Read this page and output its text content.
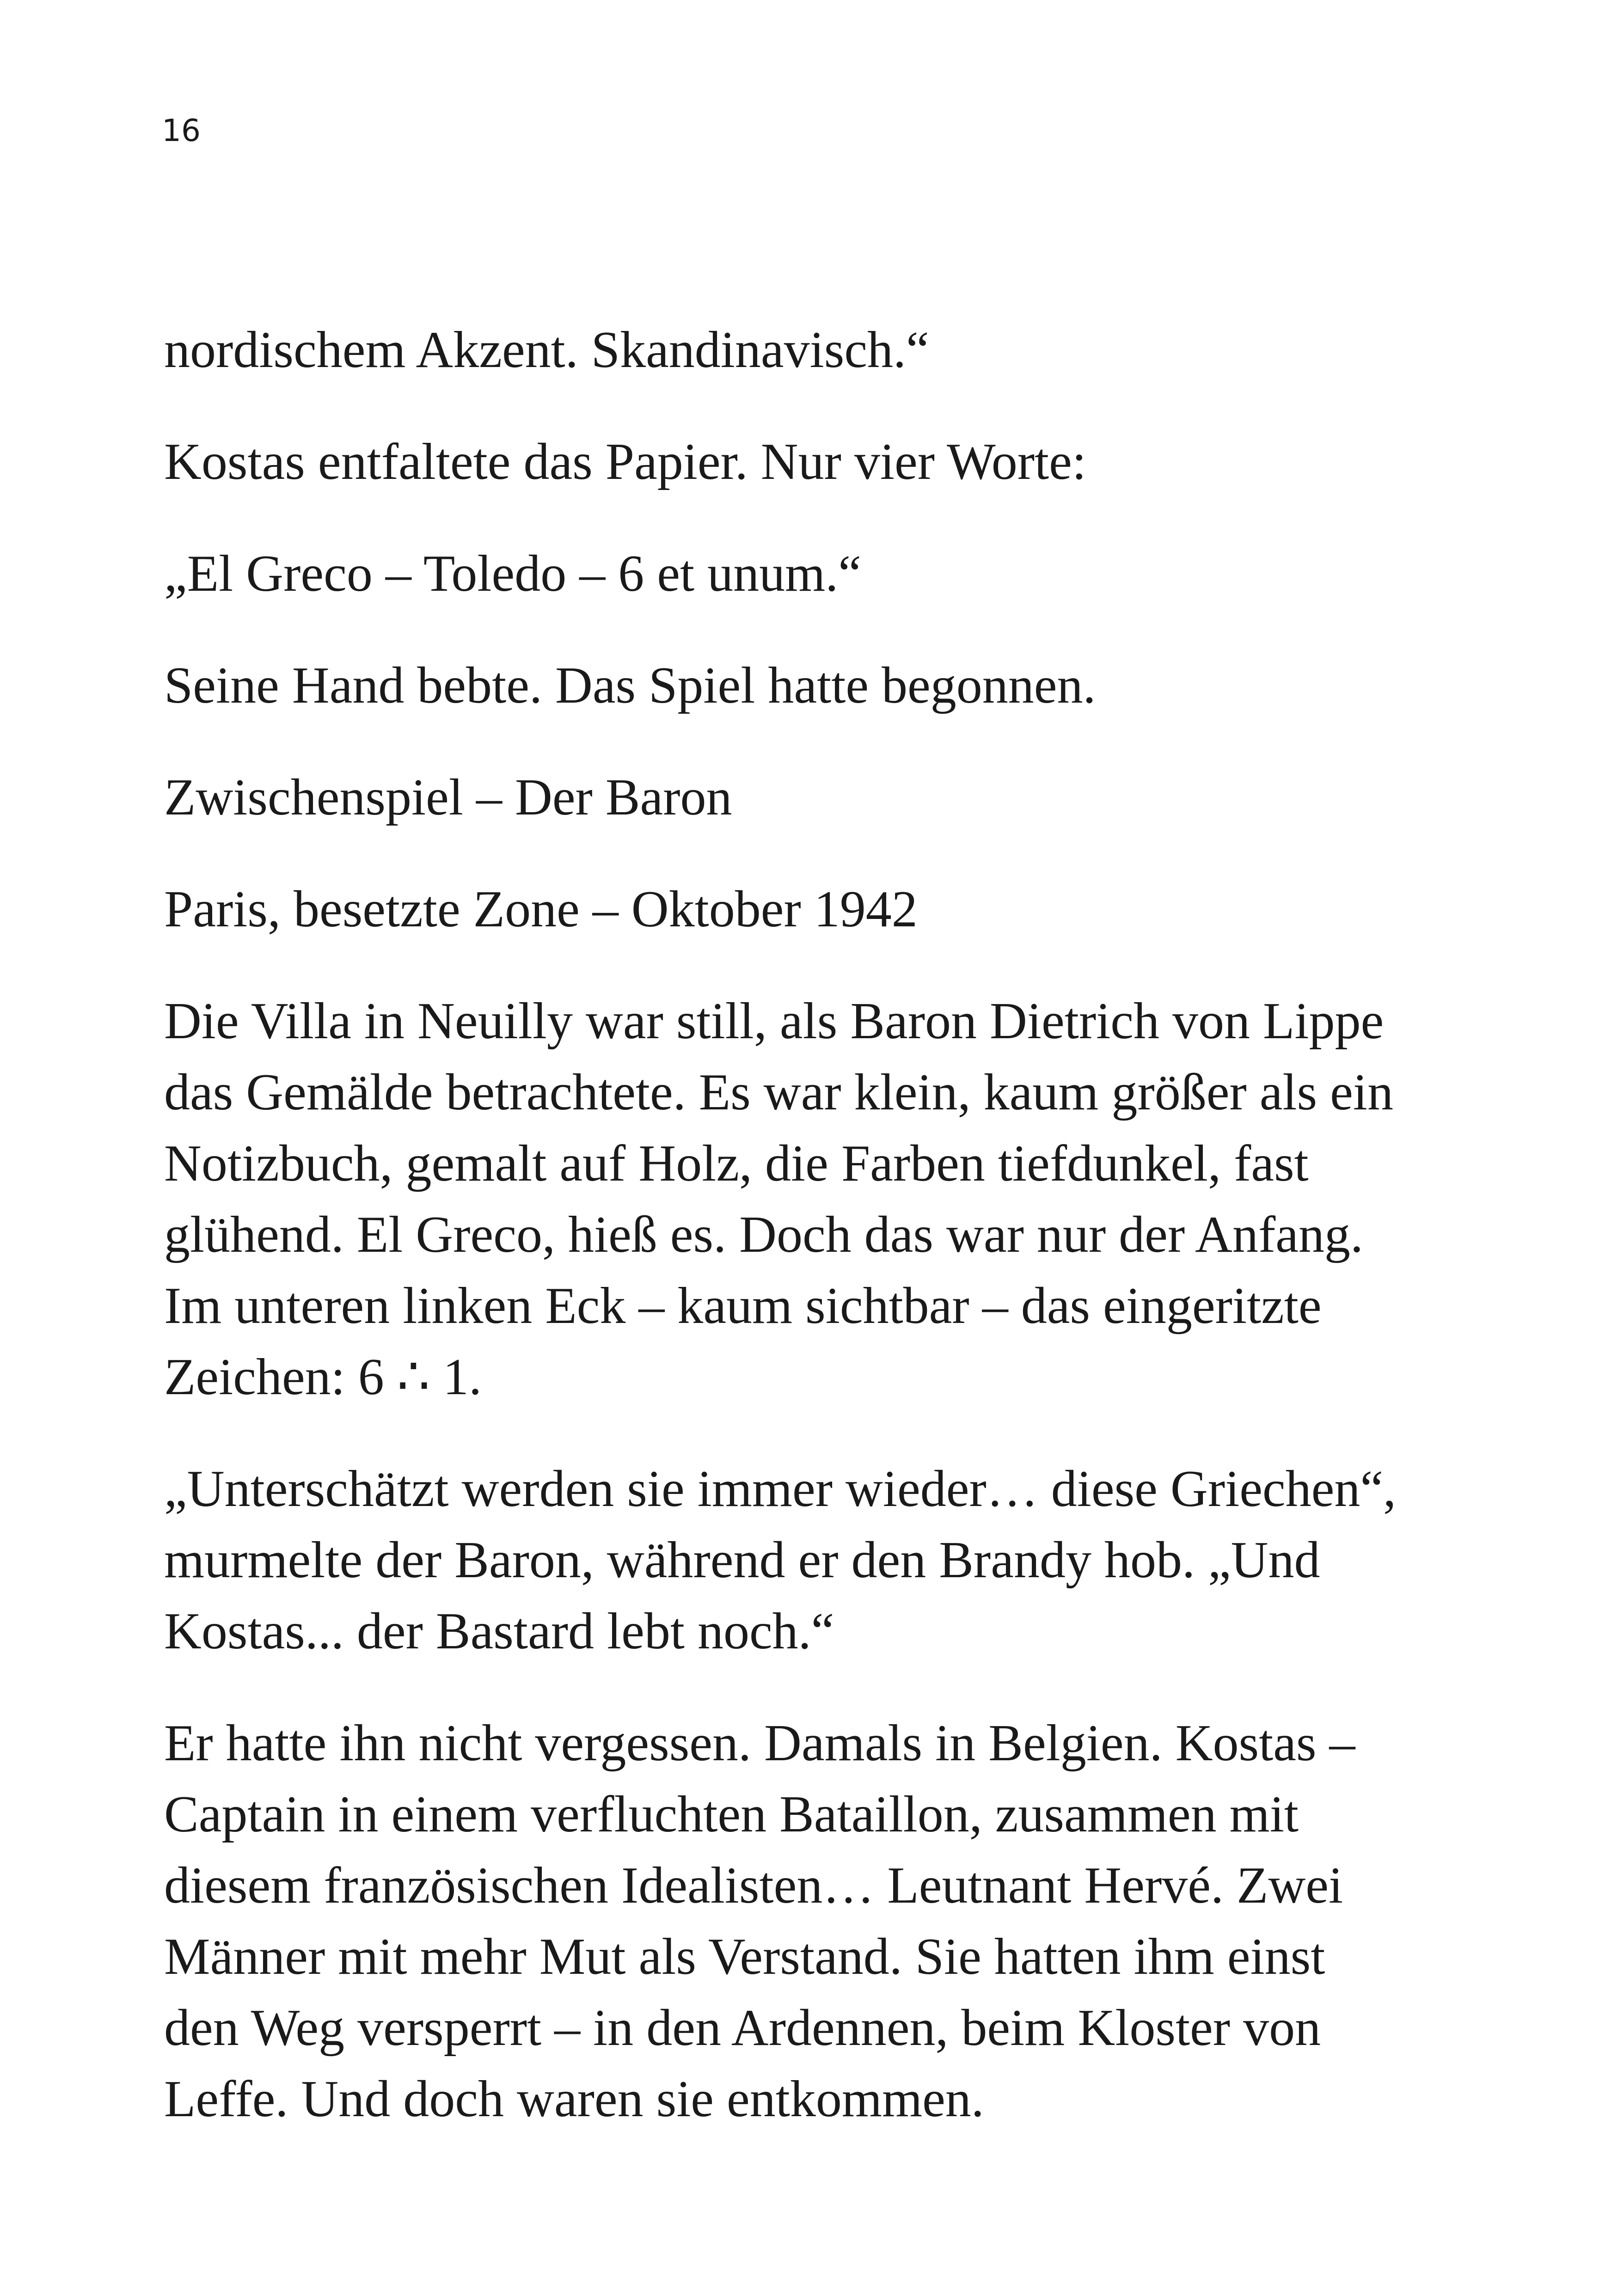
16

nordischem Akzent. Skandinavisch.“

Kostas entfaltete das Papier. Nur vier Worte:

„El Greco – Toledo – 6 et unum.“

Seine Hand bebte. Das Spiel hatte begonnen.

Zwischenspiel – Der Baron

Paris, besetzte Zone – Oktober 1942

Die Villa in Neuilly war still, als Baron Dietrich von Lippe
das Gemälde betrachtete. Es war klein, kaum größer als ein
Notizbuch, gemalt auf Holz, die Farben tiefdunkel, fast
glühend. El Greco, hieß es. Doch das war nur der Anfang.
Im unteren linken Eck – kaum sichtbar – das eingeritzte
Zeichen: 6 ∴ 1.

„Unterschätzt werden sie immer wieder… diese Griechen“,
murmelte der Baron, während er den Brandy hob. „Und
Kostas... der Bastard lebt noch.“

Er hatte ihn nicht vergessen. Damals in Belgien. Kostas –
Captain in einem verfluchten Bataillon, zusammen mit
diesem französischen Idealisten… Leutnant Hervé. Zwei
Männer mit mehr Mut als Verstand. Sie hatten ihm einst
den Weg versperrt – in den Ardennen, beim Kloster von
Leffe. Und doch waren sie entkommen.
